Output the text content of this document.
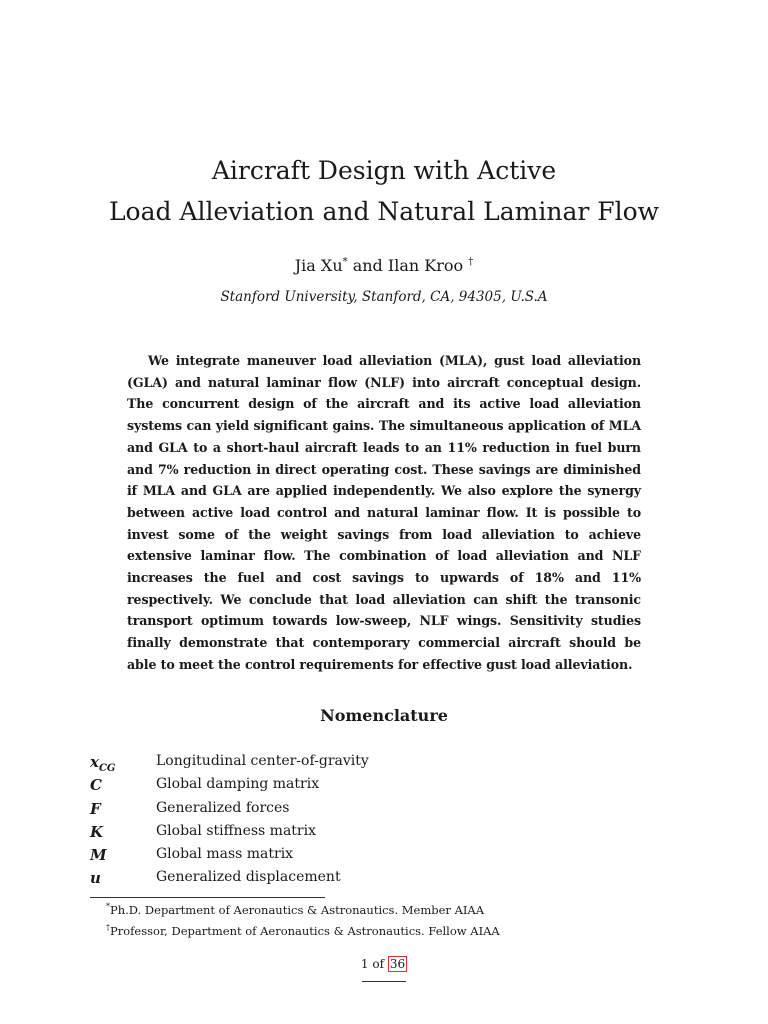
Aircraft Design with Active
Load Alleviation and Natural Laminar Flow
Jia Xu* and Ilan Kroo †
Stanford University, Stanford, CA, 94305, U.S.A
We integrate maneuver load alleviation (MLA), gust load alleviation (GLA) and natural laminar flow (NLF) into aircraft conceptual design. The concurrent design of the aircraft and its active load alleviation systems can yield significant gains. The simultaneous application of MLA and GLA to a short-haul aircraft leads to an 11% reduction in fuel burn and 7% reduction in direct operating cost. These savings are diminished if MLA and GLA are applied independently. We also explore the synergy between active load control and natural laminar flow. It is possible to invest some of the weight savings from load alleviation to achieve extensive laminar flow. The combination of load alleviation and NLF increases the fuel and cost savings to upwards of 18% and 11% respectively. We conclude that load alleviation can shift the transonic transport optimum towards low-sweep, NLF wings. Sensitivity studies finally demonstrate that contemporary commercial aircraft should be able to meet the control requirements for effective gust load alleviation.
Nomenclature
$x_{CG}$	Longitudinal center-of-gravity
C	Global damping matrix
F	Generalized forces
K	Global stiffness matrix
M	Global mass matrix
u	Generalized displacement
*Ph.D. Department of Aeronautics & Astronautics. Member AIAA
†Professor, Department of Aeronautics & Astronautics. Fellow AIAA
1 of 36
